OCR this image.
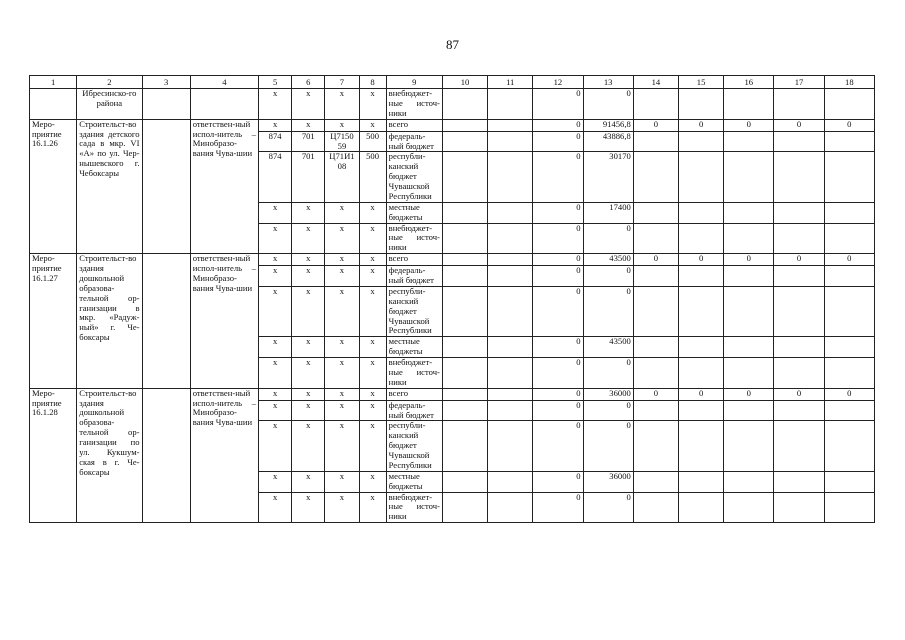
87
1	2	3	4	5	6	7	8	9	10	11	12	13	14	15	16	17	18
	Ибресинско-го района			x	x	x	x	внебюджет-ные источ-ники			0	0					
Меро-приятие 16.1.26	Строительст-во здания детского сада в мкр. VI «А» по ул. Чер-нышевского г. Чебоксары		ответствен-ный испол-нитель – Минобразо-вания Чува-шии	x	x	x	x	всего			0	91456,8	0	0	0	0	0
				874	701	Ц7150 59	500	федераль-ный бюджет			0	43886,8					
				874	701	Ц71И1 08	500	республи-канский бюджет Чувашской Республики			0	30170					
				x	x	x	x	местные бюджеты			0	17400					
				x	x	x	x	внебюджет-ные источ-ники			0	0					
Меро-приятие 16.1.27	Строительст-во здания дошкольной образова-тельной ор-ганизации в мкр. «Радуж-ный» г. Че-боксары		ответствен-ный испол-нитель – Минобразо-вания Чува-шии	x	x	x	x	всего			0	43500	0	0	0	0	0
				x	x	x	x	федераль-ный бюджет			0	0					
				x	x	x	x	республи-канский бюджет Чувашской Республики			0	0					
				x	x	x	x	местные бюджеты			0	43500					
				x	x	x	x	внебюджет-ные источ-ники			0	0					
Меро-приятие 16.1.28	Строительст-во здания дошкольной образова-тельной ор-ганизации по ул. Кукшум-ская в г. Че-боксары		ответствен-ный испол-нитель – Минобразо-вания Чува-шии	x	x	x	x	всего			0	36000	0	0	0	0	0
				x	x	x	x	федераль-ный бюджет			0	0					
				x	x	x	x	республи-канский бюджет Чувашской Республики			0	0					
				x	x	x	x	местные бюджеты			0	36000					
				x	x	x	x	внебюджет-ные источ-ники			0	0					
